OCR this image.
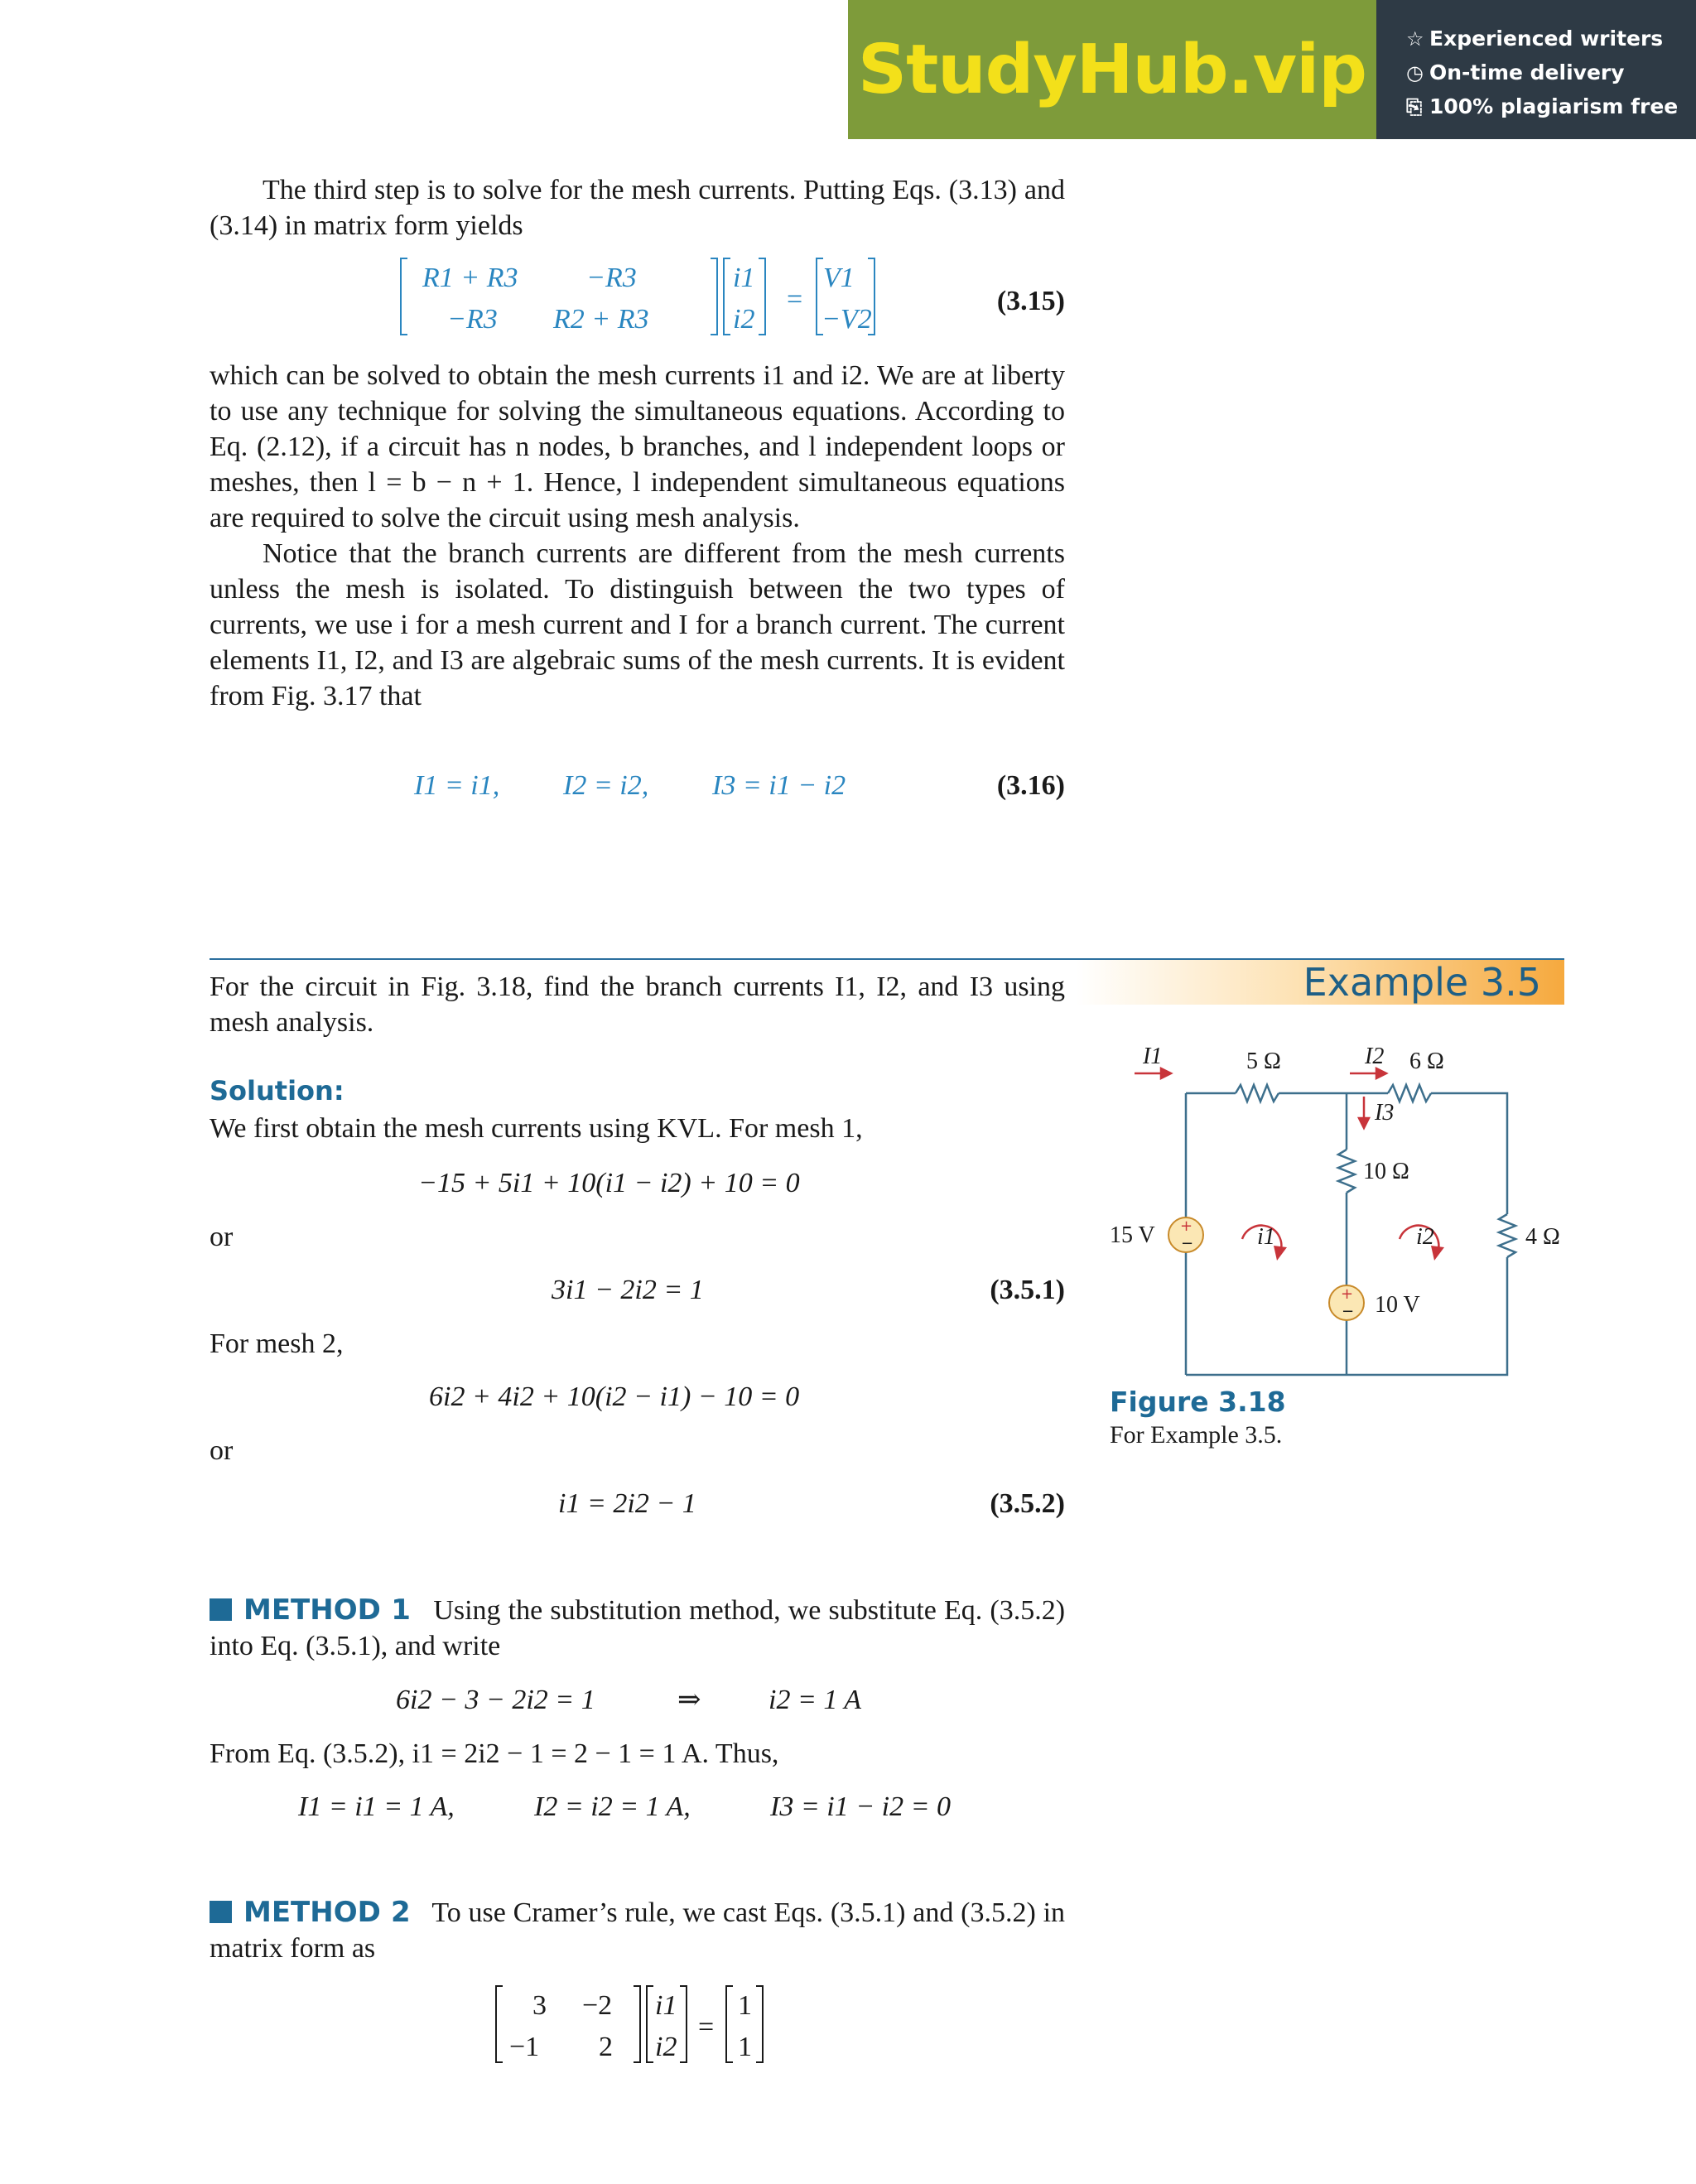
StudyHub.vip ☆ Experienced writers
◷ On-time delivery
⎘ 100% plagiarism free

The third step is to solve for the mesh currents. Putting Eqs. (3.13) and (3.14) in matrix form yields

R1 + R3 −R3
−R3 R2 + R3
i1
i2
=
V1
−V2
(3.15)

which can be solved to obtain the mesh currents i1 and i2. We are at liberty to use any technique for solving the simultaneous equations. According to Eq. (2.12), if a circuit has n nodes, b branches, and l independent loops or meshes, then l = b − n + 1. Hence, l independent simultaneous equations are required to solve the circuit using mesh analysis.

Notice that the branch currents are different from the mesh currents unless the mesh is isolated. To distinguish between the two types of currents, we use i for a mesh current and I for a branch current. The current elements I1, I2, and I3 are algebraic sums of the mesh currents. It is evident from Fig. 3.17 that

I1 = i1, I2 = i2, I3 = i1 − i2	(3.16)
Example 3.5

For the circuit in Fig. 3.18, find the branch currents I1, I2, and I3 using mesh analysis.

Solution:

We first obtain the mesh currents using KVL. For mesh 1,

−15 + 5i1 + 10(i1 − i2) + 10 = 0
or
3i1 − 2i2 = 1	(3.5.1)
For mesh 2,
6i2 + 4i2 + 10(i2 − i1) − 10 = 0
or
i1 = 2i2 − 1	(3.5.2)

METHOD 1 Using the substitution method, we substitute Eq. (3.5.2) into Eq. (3.5.1), and write

6i2 − 3 − 2i2 = 1	⇒ i2 = 1 A
From Eq. (3.5.2), i1 = 2i2 − 1 = 2 − 1 = 1 A. Thus,
I1 = i1 = 1 A,	I2 = i2 = 1 A,	I3 = i1 − i2 = 0

METHOD 2 To use Cramer’s rule, we cast Eqs. (3.5.1) and (3.5.2) in matrix form as

3 −2
−1 2
i1
i2
=
1
1
+
−
+
−
I1	5 Ω	I2 6 Ω
I3
10 Ω
4 Ω
15 V
10 V
i1	i2
Figure 3.18
For Example 3.5.
